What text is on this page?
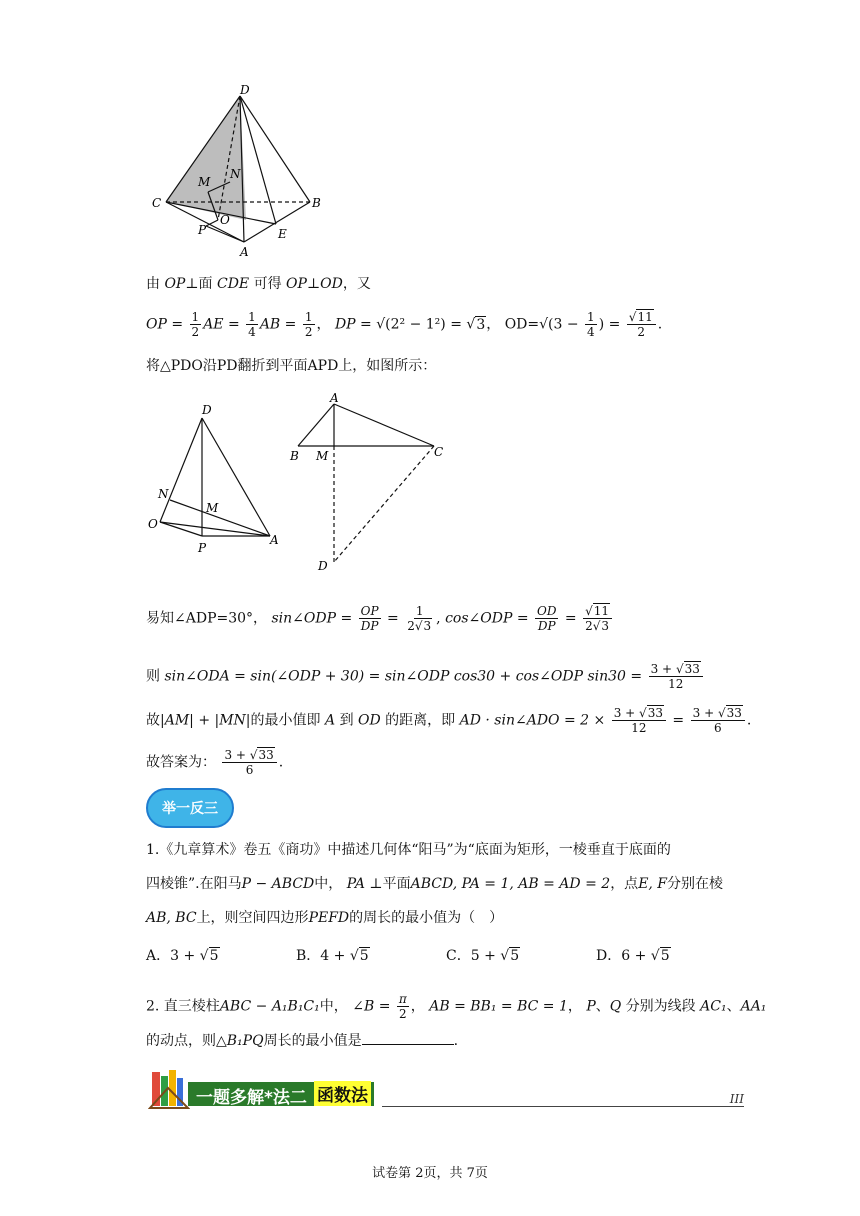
D
C	B
M
N
O
P
A
E
由 OP⊥面 CDE 可得 OP⊥OD，又
OP = $\frac{1}{2}$ AE = $\frac{1}{4}$ AB = $\frac{1}{2}$ ， DP = √(2² − 1²) = √3， $OD=√(3 - \frac{1}{4}$ ) = $\frac{√11}{2}$ .
将△PDO沿PD翻折到平面APD上，如图所示：
D
N
M
O
P
A
A
B M	C
D
易知∠ADP=30°， sin∠ODP = $\frac{OP}{DP} = \frac{1}{2√3}$ , cos∠ODP = $\frac{OD}{DP} = \frac{√11}{2√3}$
则 sin∠ODA = sin(∠ODP + 30) = sin∠ODP cos30 + cos∠ODP $\sin 30 = \frac{3 + √33}{12}$
故|AM| + |MN|的最小值即 A 到 OD 的距离，即 AD · sin∠ADO = $2 \times \frac{3 + √33}{12} = \frac{3 + √33}{6}$ .
故答案为： $\frac{3 + √33}{6}$ .
举一反三
1.《九章算术》卷五《商功》中描述几何体“阳马”为“底面为矩形，一棱垂直于底面的
四棱锥”.在阳马P − ABCD中， PA ⊥平面ABCD, PA = 1, AB = AD = 2，点E, F分别在棱
AB, BC上，则空间四边形PEFD的周长的最小值为（　）
A．3 + √5	B．4 + √5	C．5 + √5	D．6 + √5
2. 直三棱柱ABC − A₁B₁C₁中， ∠B = $\frac{\pi}{2}$ ， AB = BB₁ = BC = 1， P、Q 分别为线段 AC₁、AA₁
的动点，则△B₁PQ周长的最小值是	.
一题多解*法二 函数法	III
试卷第 2页，共 7页
